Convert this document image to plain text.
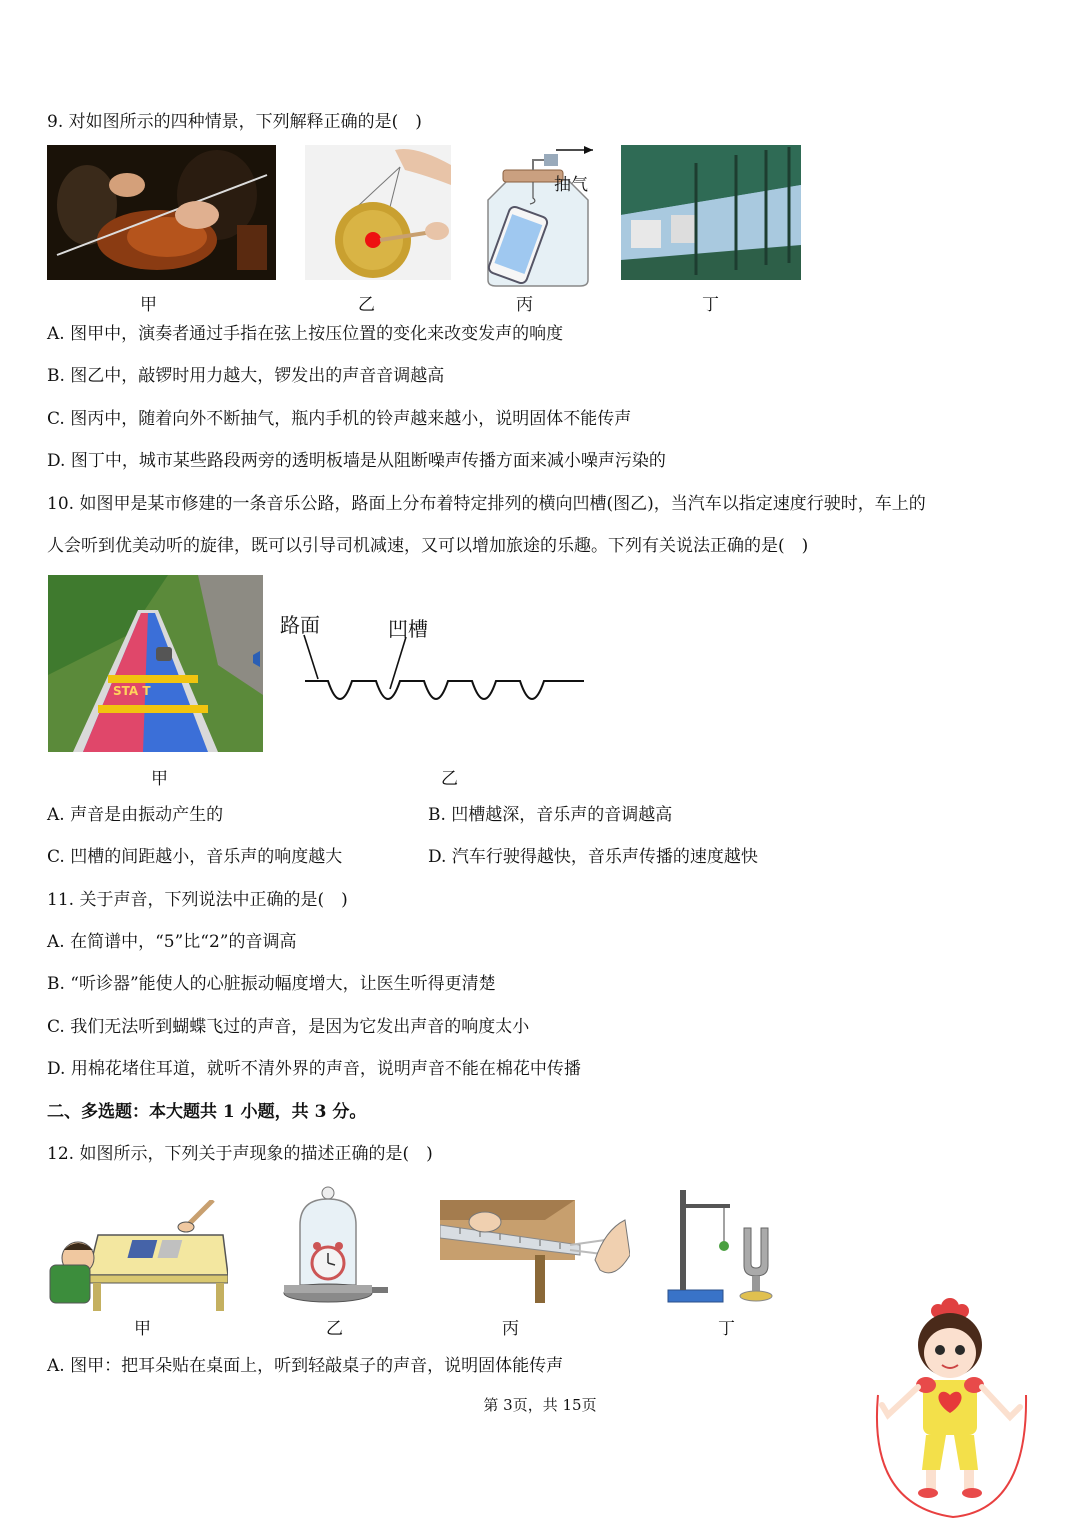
9. 对如图所示的四种情景，下列解释正确的是(　)
抽气
甲	乙	丙	丁
A. 图甲中，演奏者通过手指在弦上按压位置的变化来改变发声的响度
B. 图乙中，敲锣时用力越大，锣发出的声音音调越高
C. 图丙中，随着向外不断抽气，瓶内手机的铃声越来越小，说明固体不能传声
D. 图丁中，城市某些路段两旁的透明板墙是从阻断噪声传播方面来减小噪声污染的
10. 如图甲是某市修建的一条音乐公路，路面上分布着特定排列的横向凹槽(图乙)，当汽车以指定速度行驶时，车上的
人会听到优美动听的旋律，既可以引导司机减速，又可以增加旅途的乐趣。下列有关说法正确的是(　)
STA T
路面	凹槽
甲	乙
A. 声音是由振动产生的	B. 凹槽越深，音乐声的音调越高
C. 凹槽的间距越小，音乐声的响度越大	D. 汽车行驶得越快，音乐声传播的速度越快
11. 关于声音，下列说法中正确的是(　)
A. 在简谱中，“5”比“2”的音调高
B. “听诊器”能使人的心脏振动幅度增大，让医生听得更清楚
C. 我们无法听到蝴蝶飞过的声音，是因为它发出声音的响度太小
D. 用棉花堵住耳道，就听不清外界的声音，说明声音不能在棉花中传播
二、多选题：本大题共 1 小题，共 3 分。
12. 如图所示，下列关于声现象的描述正确的是(　)
甲	乙	丙	丁
A. 图甲：把耳朵贴在桌面上，听到轻敲桌子的声音，说明固体能传声
第 3页，共 15页
